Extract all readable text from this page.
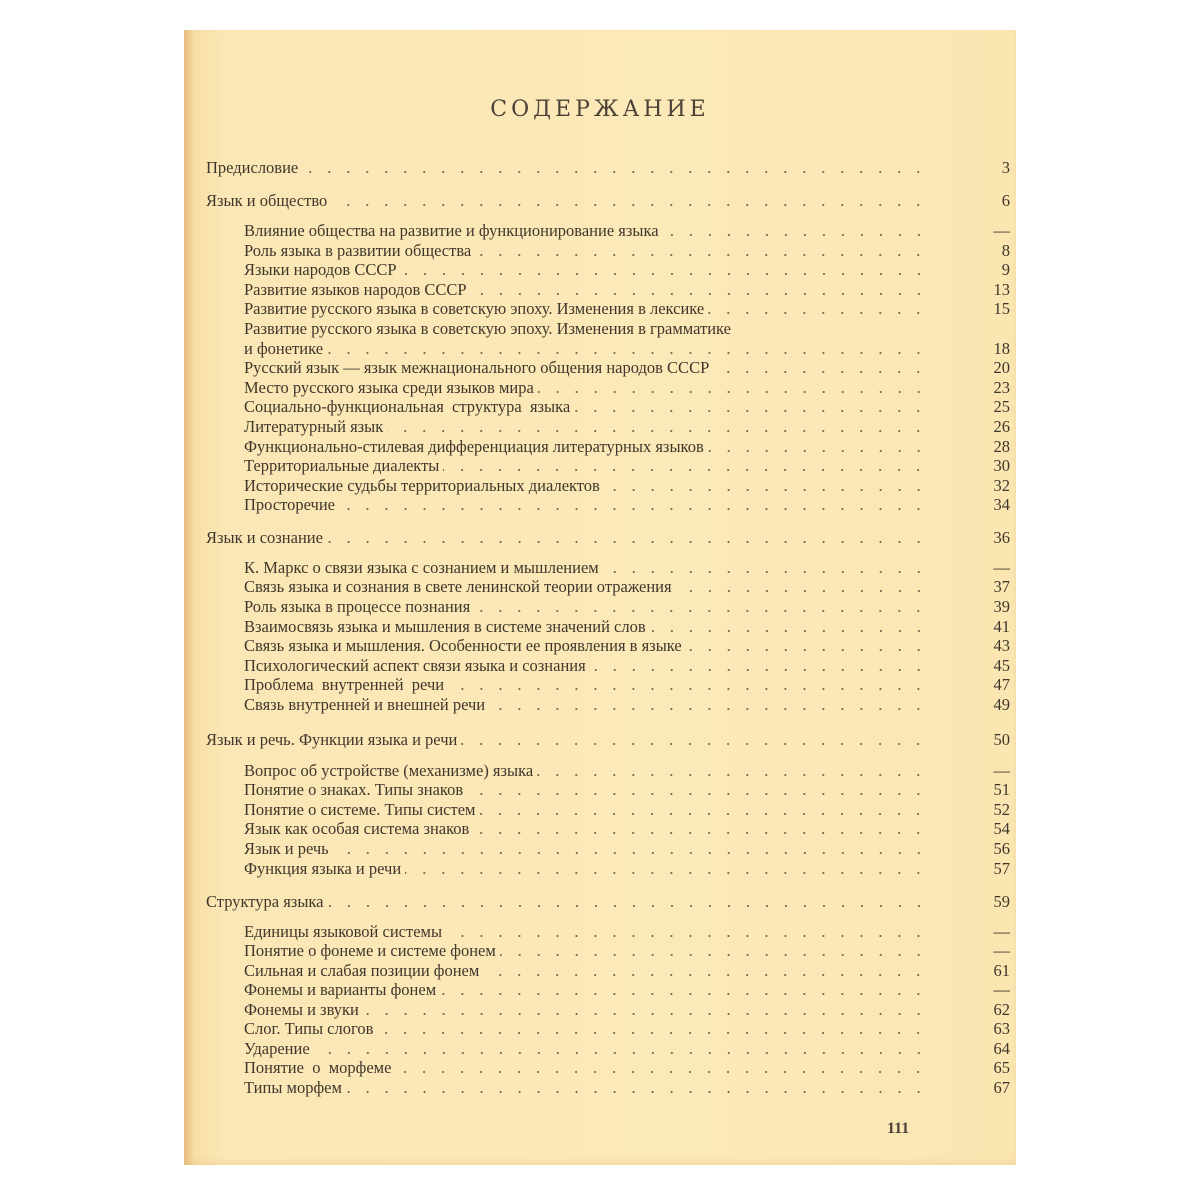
СОДЕРЖАНИЕ
Предисловие	3
Язык и общество	6
Влияние общества на развитие и функционирование языка	—
Роль языка в развитии общества	8
Языки народов СССР	9
Развитие языков народов СССР	13
Развитие русского языка в советскую эпоху. Изменения в лексике	15
Развитие русского языка в советскую эпоху. Изменения в грамматике
и фонетике	18
Русский язык — язык межнационального общения народов СССР	20
Место русского языка среди языков мира	23
Социально-функциональная  структура  языка	25
Литературный язык	26
Функционально-стилевая дифференциация литературных языков	28
Территориальные диалекты	30
Исторические судьбы территориальных диалектов	32
Просторечие	34
Язык и сознание	36
К. Маркс о связи языка с сознанием и мышлением	—
Связь языка и сознания в свете ленинской теории отражения	37
Роль языка в процессе познания	39
Взаимосвязь языка и мышления в системе значений слов	41
Связь языка и мышления. Особенности ее проявления в языке	43
Психологический аспект связи языка и сознания	45
Проблема  внутренней  речи	47
Связь внутренней и внешней речи	49
Язык и речь. Функции языка и речи	50
Вопрос об устройстве (механизме) языка	—
Понятие о знаках. Типы знаков	51
Понятие о системе. Типы систем	52
Язык как особая система знаков	54
Язык и речь	56
Функция языка и речи	57
Структура языка	59
Единицы языковой системы	—
Понятие о фонеме и системе фонем	—
Сильная и слабая позиции фонем	61
Фонемы и варианты фонем	—
Фонемы и звуки	62
Слог. Типы слогов	63
Ударение	64
Понятие  о  морфеме	65
Типы морфем	67
111
